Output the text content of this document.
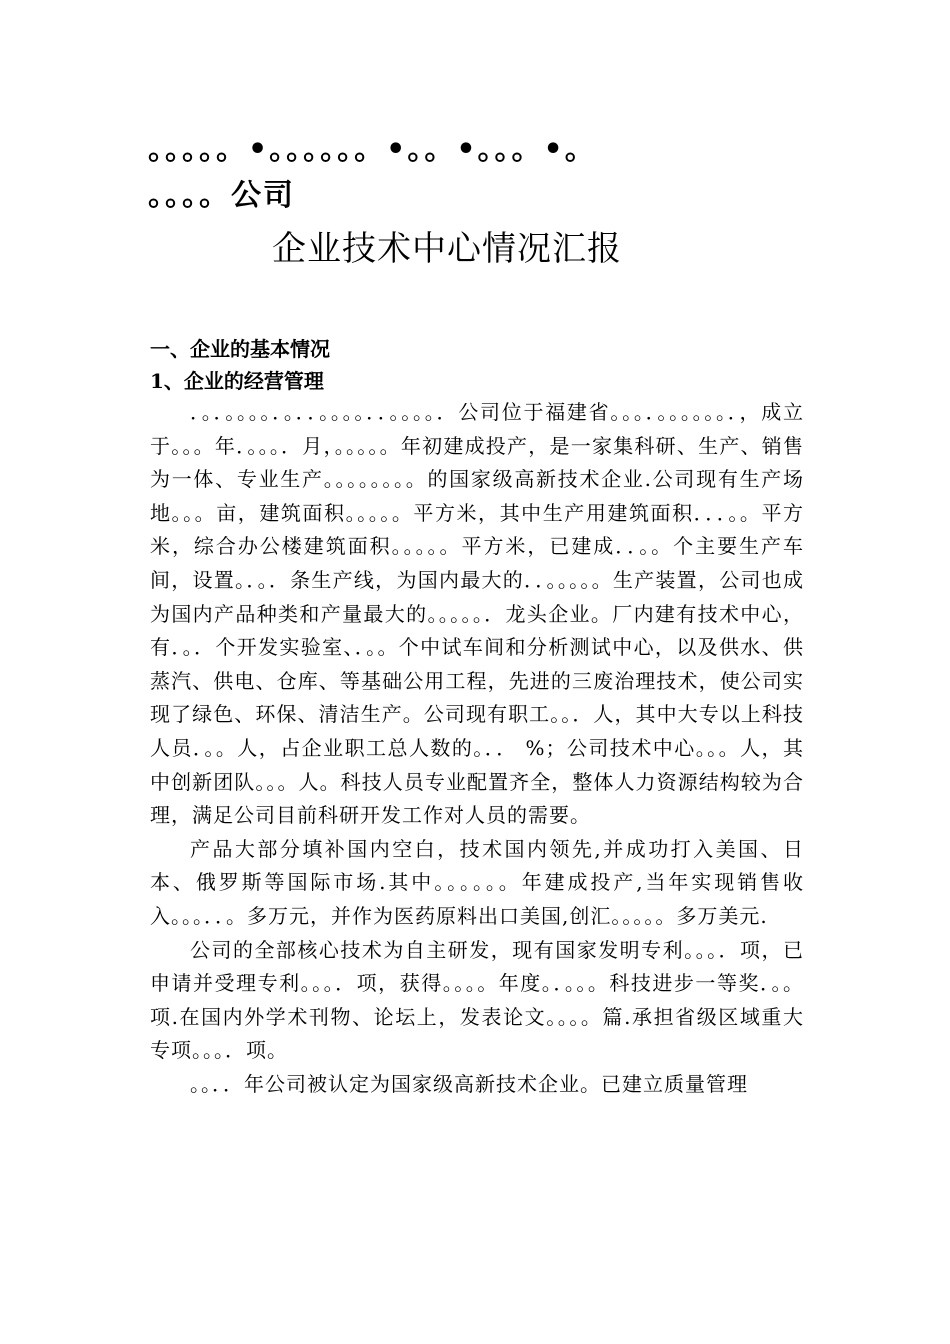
。。。。。•。。。。。。•。。•。。。•。
。。。。公司
企业技术中心情况汇报
一、企业的基本情况
1、企业的经营管理

．。．。。。。．。．．。。。。．．。。。。．公司位于福建省。。。．。。。。。。．，成立于。。。年．。。。．月，。。。。。年初建成投产，是一家集科研、生产、销售为一体、专业生产。。。。。。。。的国家级高新技术企业.公司现有生产场地。。。亩，建筑面积。。。。。平方米，其中生产用建筑面积．．．。。平方米，综合办公楼建筑面积。。。。。平方米，已建成．．。。个主要生产车间，设置。．。．条生产线，为国内最大的．．。。。。。生产装置，公司也成为国内产品种类和产量最大的。。。。。．龙头企业。厂内建有技术中心，有．。．个开发实验室、．。。个中试车间和分析测试中心，以及供水、供蒸汽、供电、仓库、等基础公用工程，先进的三废治理技术，使公司实现了绿色、环保、清洁生产。公司现有职工。。．人，其中大专以上科技人员．。。人，占企业职工总人数的。．． %；公司技术中心。。。人，其中创新团队。。。人。科技人员专业配置齐全，整体人力资源结构较为合理，满足公司目前科研开发工作对人员的需要。

产品大部分填补国内空白，技术国内领先,并成功打入美国、日本、俄罗斯等国际市场.其中。。。。。。年建成投产,当年实现销售收入。。。．．。多万元，并作为医药原料出口美国,创汇。。。。。多万美元.

公司的全部核心技术为自主研发，现有国家发明专利。。。．项，已申请并受理专利。。。．项，获得。。。。年度。．。。。科技进步一等奖．。。项.在国内外学术刊物、论坛上，发表论文。。。。篇.承担省级区域重大专项。。。．项。

。。．．年公司被认定为国家级高新技术企业。已建立质量管理
